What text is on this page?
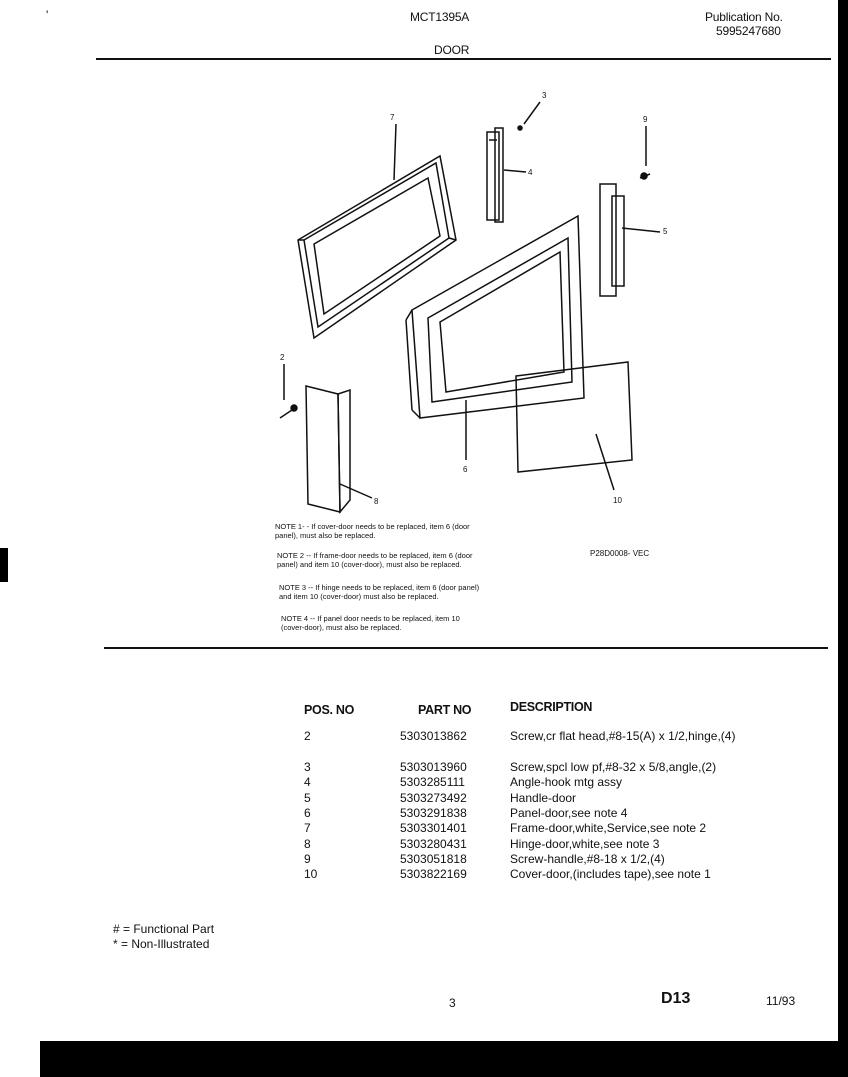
'	MCT1395A	Publication No.
5995247680
DOOR
7
3
4
9
5
2
6
8	10
NOTE 1- - If cover-door needs to be replaced, item 6 (door
panel), must also be replaced.
NOTE 2 -- If frame-door needs to be replaced, item 6 (door
panel) and item 10 (cover-door), must also be replaced.
P28D0008- VEC
NOTE 3 -- If hinge needs to be replaced, item 6 (door panel)
and item 10 (cover-door) must also be replaced.
NOTE 4 -- If panel door needs to be replaced, item 10
(cover-door), must also be replaced.
POS. NO	PART NO	DESCRIPTION
2	5303013862	Screw,cr flat head,#8-15(A) x 1/2,hinge,(4)
3	5303013960	Screw,spcl low pf,#8-32 x 5/8,angle,(2)
4	5303285111	Angle-hook mtg assy
5	5303273492	Handle-door
6	5303291838	Panel-door,see note 4
7	5303301401	Frame-door,white,Service,see note 2
8	5303280431	Hinge-door,white,see note 3
9	5303051818	Screw-handle,#8-18 x 1/2,(4)
10	5303822169	Cover-door,(includes tape),see note 1
# = Functional Part
* = Non-Illustrated
3	D13	11/93
